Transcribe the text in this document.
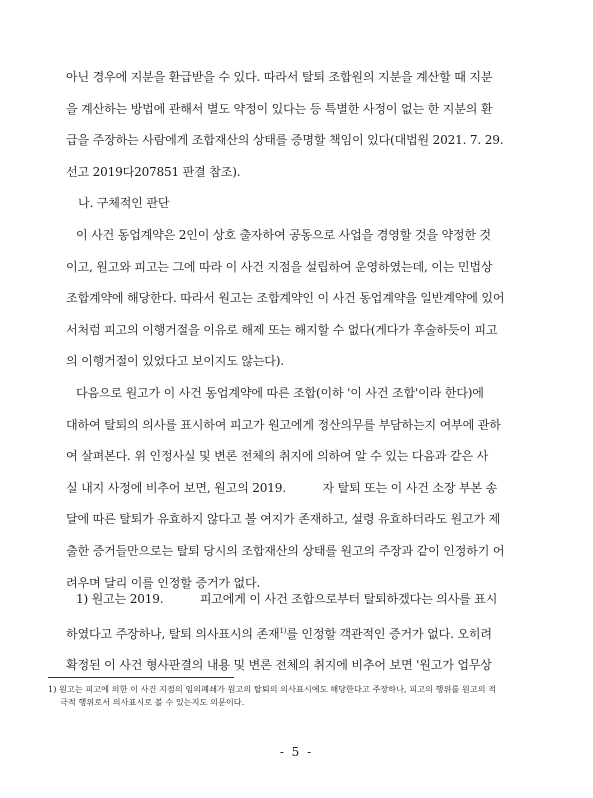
아닌 경우에 지분을 환급받을 수 있다. 따라서 탈퇴 조합원의 지분을 계산할 때 지분
을 계산하는 방법에 관해서 별도 약정이 있다는 등 특별한 사정이 없는 한 지분의 환
급을 주장하는 사람에게 조합재산의 상태를 증명할 책임이 있다(대법원 2021. 7. 29.
선고 2019다207851 판결 참조).
나. 구체적인 판단
이 사건 동업계약은 2인이 상호 출자하여 공동으로 사업을 경영할 것을 약정한 것
이고, 원고와 피고는 그에 따라 이 사건 지점을 설립하여 운영하였는데, 이는 민법상
조합계약에 해당한다. 따라서 원고는 조합계약인 이 사건 동업계약을 일반계약에 있어
서처럼 피고의 이행거절을 이유로 해제 또는 해지할 수 없다(게다가 후술하듯이 피고
의 이행거절이 있었다고 보이지도 않는다).
다음으로 원고가 이 사건 동업계약에 따른 조합(이하 '이 사건 조합'이라 한다)에
대하여 탈퇴의 의사를 표시하여 피고가 원고에게 정산의무를 부담하는지 여부에 관하
여 살펴본다. 위 인정사실 및 변론 전체의 취지에 의하여 알 수 있는 다음과 같은 사
실 내지 사정에 비추어 보면, 원고의 2019.          자 탈퇴 또는 이 사건 소장 부본 송
달에 따른 탈퇴가 유효하지 않다고 볼 여지가 존재하고, 설령 유효하더라도 원고가 제
출한 증거들만으로는 탈퇴 당시의 조합재산의 상태를 원고의 주장과 같이 인정하기 어
려우며 달리 이를 인정할 증거가 없다.
1) 원고는 2019.          피고에게 이 사건 조합으로부터 탈퇴하겠다는 의사를 표시
하였다고 주장하나, 탈퇴 의사표시의 존재$^{1)}$를 인정할 객관적인 증거가 없다. 오히려
확정된 이 사건 형사판결의 내용 및 변론 전체의 취지에 비추어 보면 '원고가 업무상
1) 원고는 피고에 의한 이 사건 지점의 임의폐쇄가 원고의 탈퇴의 의사표시에도 해당한다고 주장하나, 피고의 행위를 원고의 적
극적 행위로서 의사표시로 볼 수 있는지도 의문이다.
- 5 -
